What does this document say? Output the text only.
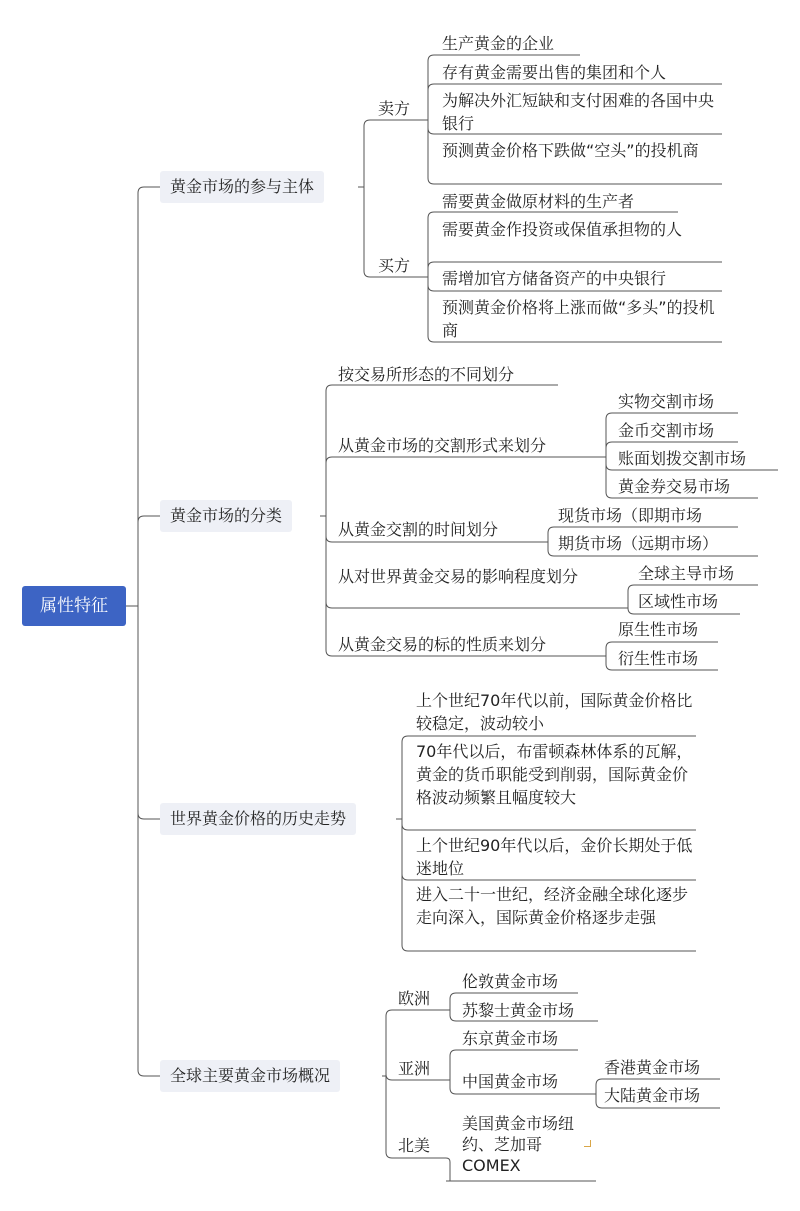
属性特征
黄金市场的参与主体
黄金市场的分类
世界黄金价格的历史走势
全球主要黄金市场概况
卖方
买方
生产黄金的企业
存有黄金需要出售的集团和个人
为解决外汇短缺和支付困难的各国中央银行
预测黄金价格下跌做“空头”的投机商
需要黄金做原材料的生产者
需要黄金作投资或保值承担物的人
需增加官方储备资产的中央银行
预测黄金价格将上涨而做“多头”的投机商
按交易所形态的不同划分
从黄金市场的交割形式来划分
从黄金交割的时间划分
从对世界黄金交易的影响程度划分
从黄金交易的标的性质来划分
实物交割市场
金币交割市场
账面划拨交割市场
黄金券交易市场
现货市场（即期市场
期货市场（远期市场）
全球主导市场
区域性市场
原生性市场
衍生性市场
上个世纪70年代以前，国际黄金价格比较稳定，波动较小
70年代以后，布雷顿森林体系的瓦解，黄金的货币职能受到削弱，国际黄金价格波动频繁且幅度较大
上个世纪90年代以后，金价长期处于低迷地位
进入二十一世纪，经济金融全球化逐步走向深入，国际黄金价格逐步走强
欧洲
亚洲
北美
伦敦黄金市场
苏黎士黄金市场
东京黄金市场
中国黄金市场
香港黄金市场
大陆黄金市场
美国黄金市场纽约、芝加哥COMEX
